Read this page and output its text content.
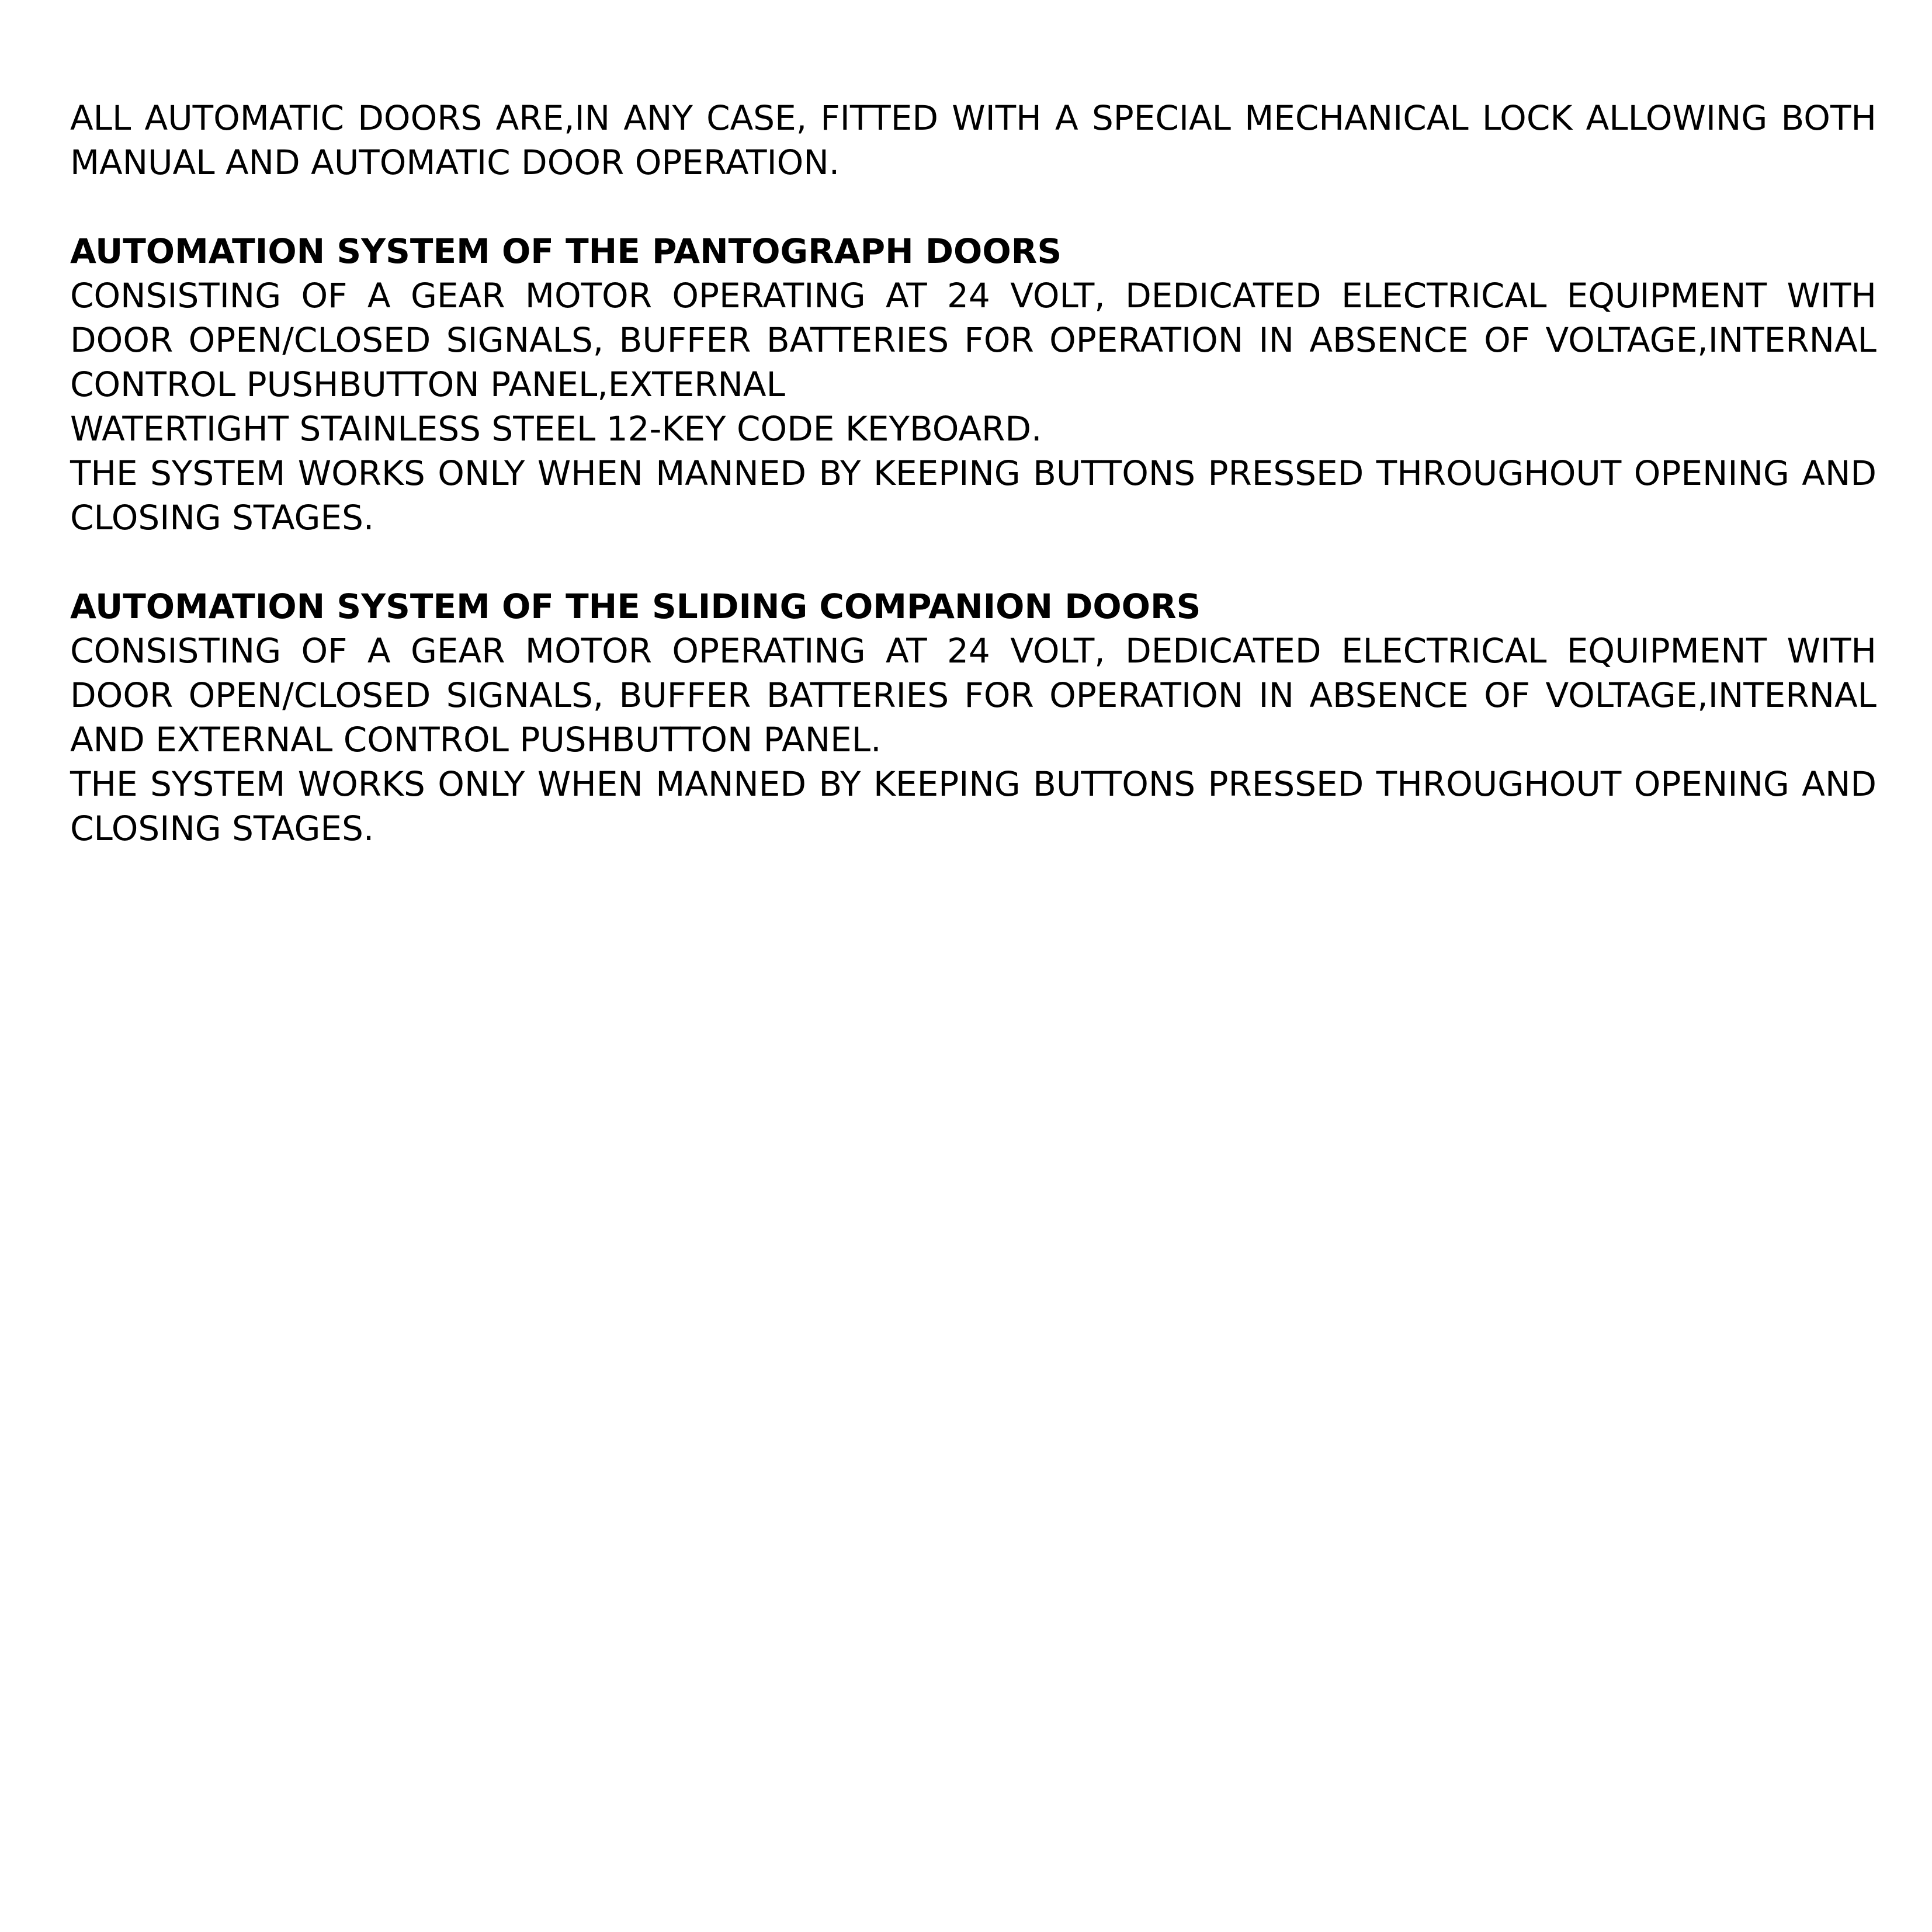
ALL AUTOMATIC DOORS ARE,IN ANY CASE, FITTED WITH A SPECIAL MECHANICAL LOCK ALLOWING BOTH MANUAL AND AUTOMATIC DOOR OPERATION.

AUTOMATION SYSTEM OF THE PANTOGRAPH DOORS

CONSISTING OF A GEAR MOTOR OPERATING AT 24 VOLT, DEDICATED ELECTRICAL EQUIPMENT WITH DOOR OPEN/CLOSED SIGNALS, BUFFER BATTERIES FOR OPERATION IN ABSENCE OF VOLTAGE,INTERNAL CONTROL PUSHBUTTON PANEL,EXTERNAL

WATERTIGHT STAINLESS STEEL 12-KEY CODE KEYBOARD.

THE SYSTEM WORKS ONLY WHEN MANNED BY KEEPING BUTTONS PRESSED THROUGHOUT OPENING AND CLOSING STAGES.

AUTOMATION SYSTEM OF THE SLIDING COMPANION DOORS

CONSISTING OF A GEAR MOTOR OPERATING AT 24 VOLT, DEDICATED ELECTRICAL EQUIPMENT WITH DOOR OPEN/CLOSED SIGNALS, BUFFER BATTERIES FOR OPERATION IN ABSENCE OF VOLTAGE,INTERNAL AND EXTERNAL CONTROL PUSHBUTTON PANEL.

THE SYSTEM WORKS ONLY WHEN MANNED BY KEEPING BUTTONS PRESSED THROUGHOUT OPENING AND CLOSING STAGES.
